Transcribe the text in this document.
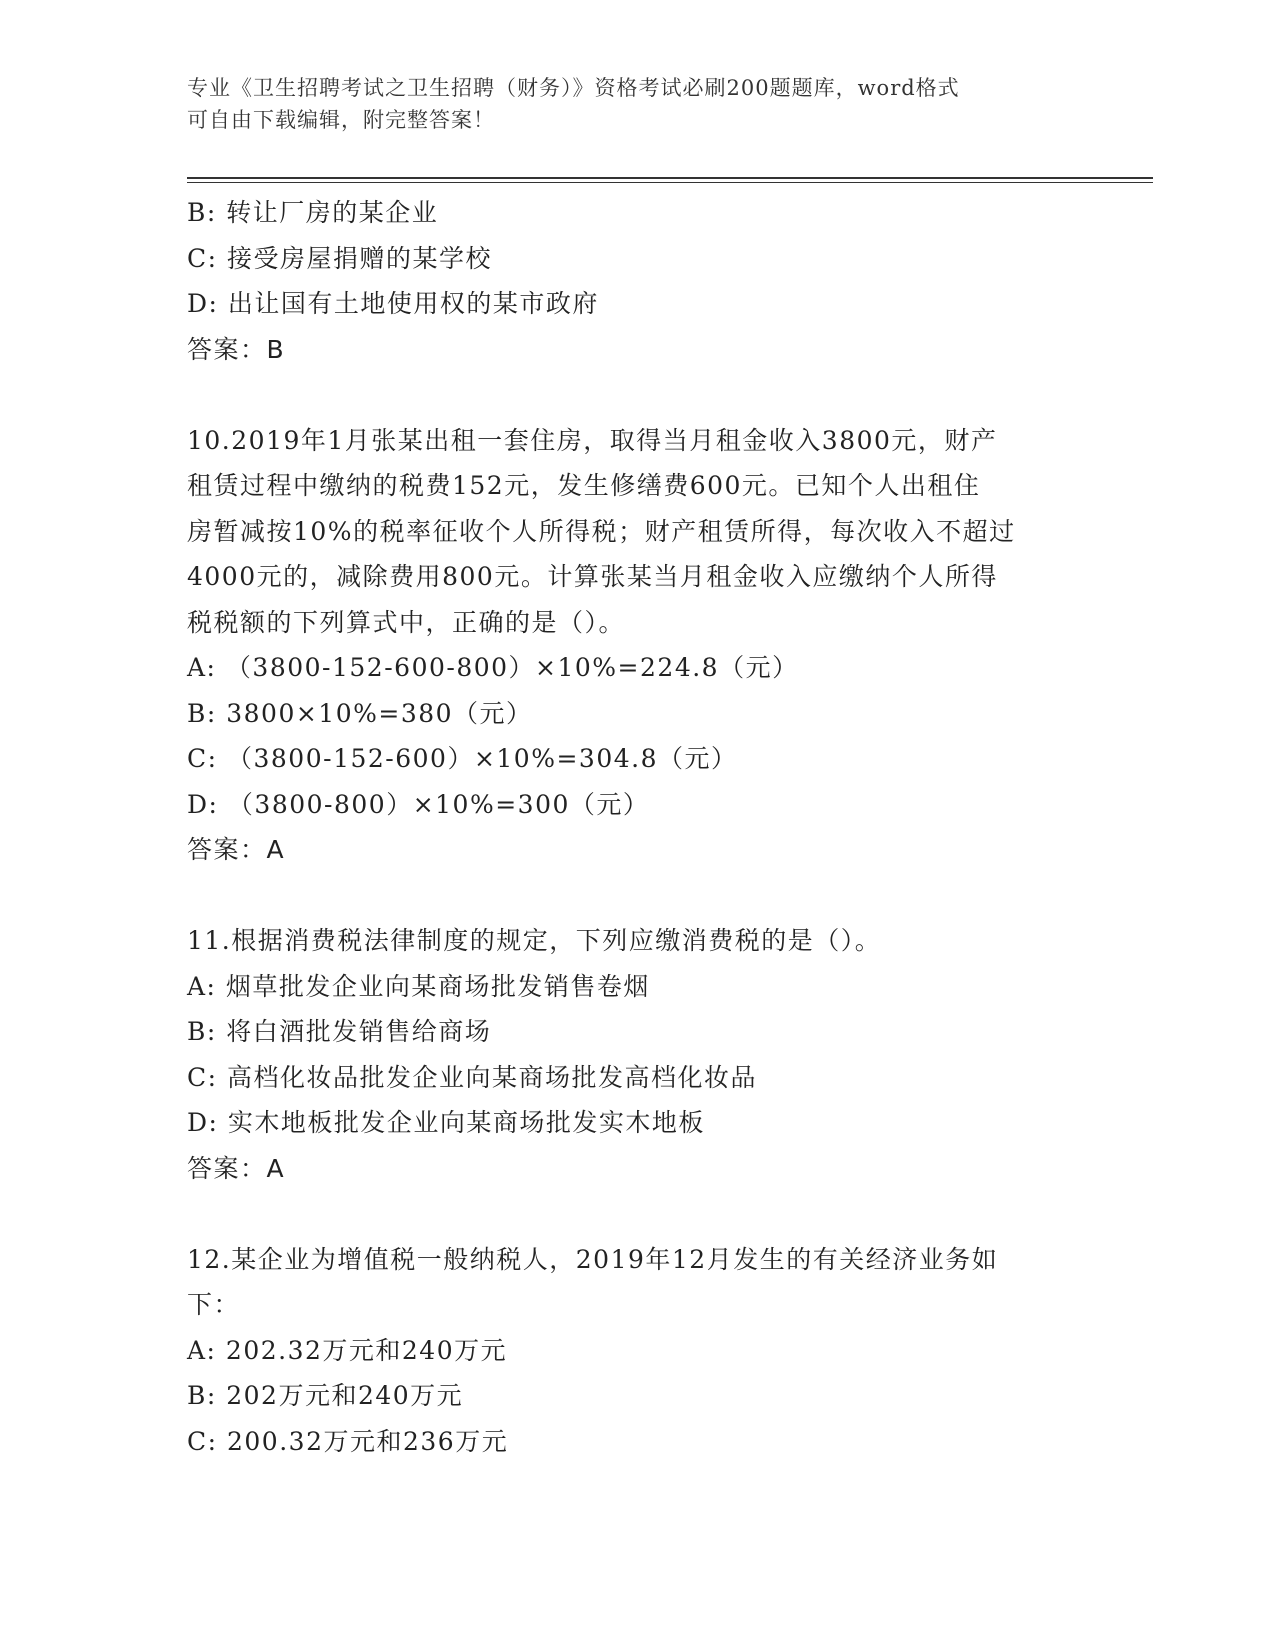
专业《卫生招聘考试之卫生招聘（财务）》资格考试必刷200题题库，word格式
可自由下载编辑，附完整答案！
B: 转让厂房的某企业
C: 接受房屋捐赠的某学校
D: 出让国有土地使用权的某市政府
答案：B
10.2019年1月张某出租一套住房，取得当月租金收入3800元，财产
租赁过程中缴纳的税费152元，发生修缮费600元。已知个人出租住
房暂减按10%的税率征收个人所得税；财产租赁所得，每次收入不超过
4000元的，减除费用800元。计算张某当月租金收入应缴纳个人所得
税税额的下列算式中，正确的是（）。
A: （3800-152-600-800）×10%=224.8（元）
B: 3800×10%=380（元）
C: （3800-152-600）×10%=304.8（元）
D: （3800-800）×10%=300（元）
答案：A
11.根据消费税法律制度的规定，下列应缴消费税的是（）。
A: 烟草批发企业向某商场批发销售卷烟
B: 将白酒批发销售给商场
C: 高档化妆品批发企业向某商场批发高档化妆品
D: 实木地板批发企业向某商场批发实木地板
答案：A
12.某企业为增值税一般纳税人，2019年12月发生的有关经济业务如
下：
A: 202.32万元和240万元
B: 202万元和240万元
C: 200.32万元和236万元
